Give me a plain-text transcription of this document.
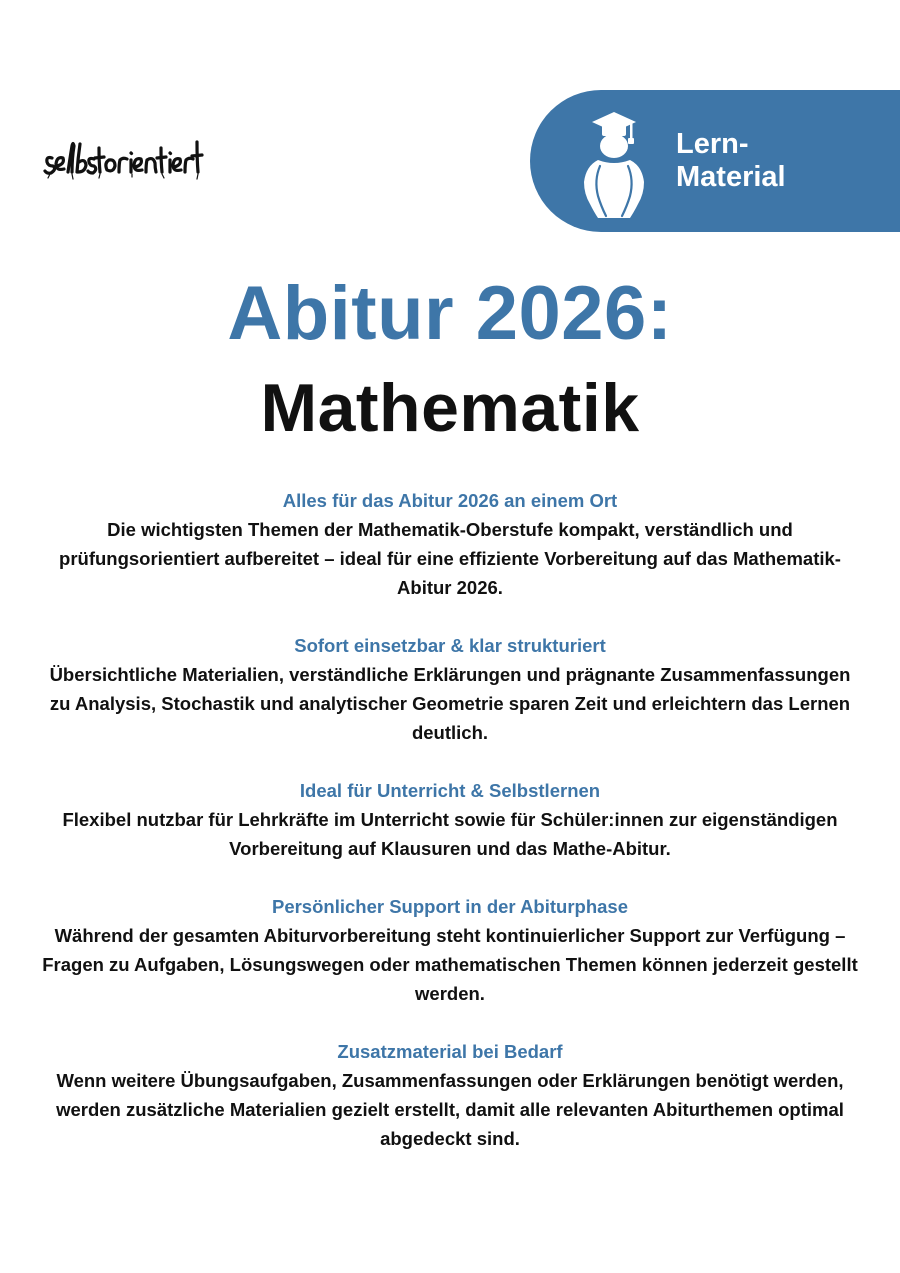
Lern-
Material
Abitur 2026:
Mathematik

Alles für das Abitur 2026 an einem Ort

Die wichtigsten Themen der Mathematik-Oberstufe kompakt, verständlich und prüfungsorientiert aufbereitet – ideal für eine effiziente Vorbereitung auf das Mathematik-Abitur 2026.

Sofort einsetzbar & klar strukturiert

Übersichtliche Materialien, verständliche Erklärungen und prägnante Zusammenfassungen zu Analysis, Stochastik und analytischer Geometrie sparen Zeit und erleichtern das Lernen deutlich.

Ideal für Unterricht & Selbstlernen

Flexibel nutzbar für Lehrkräfte im Unterricht sowie für Schüler:innen zur eigenständigen Vorbereitung auf Klausuren und das Mathe-Abitur.

Persönlicher Support in der Abiturphase

Während der gesamten Abiturvorbereitung steht kontinuierlicher Support zur Verfügung – Fragen zu Aufgaben, Lösungswegen oder mathematischen Themen können jederzeit gestellt werden.

Zusatzmaterial bei Bedarf

Wenn weitere Übungsaufgaben, Zusammenfassungen oder Erklärungen benötigt werden, werden zusätzliche Materialien gezielt erstellt, damit alle relevanten Abiturthemen optimal abgedeckt sind.
